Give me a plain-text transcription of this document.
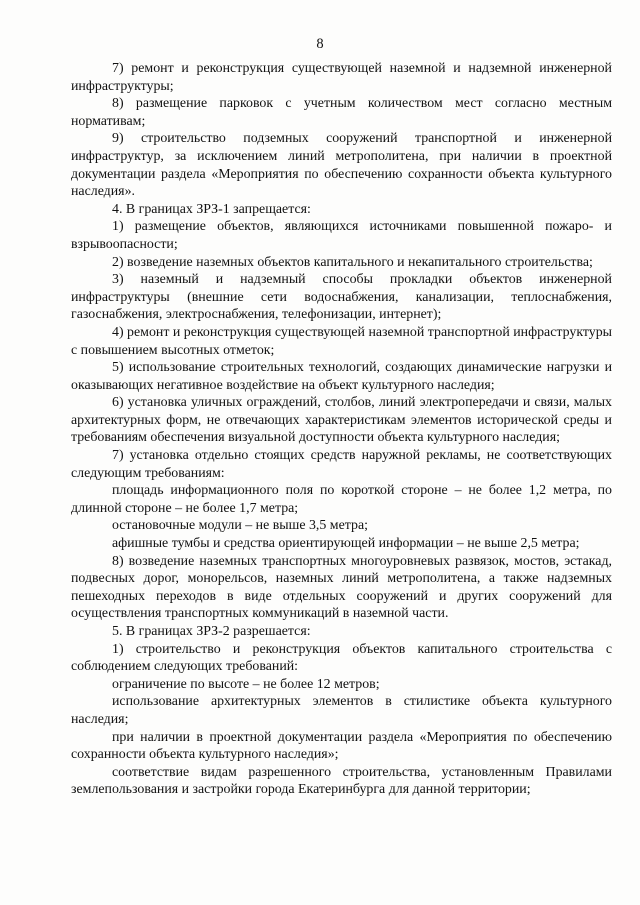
8

7) ремонт и реконструкция существующей наземной и надземной инженерной инфраструктуры;

8) размещение парковок с учетным количеством мест согласно местным нормативам;

9) строительство подземных сооружений транспортной и инженерной инфраструктур, за исключением линий метрополитена, при наличии в проектной документации раздела «Мероприятия по обеспечению сохранности объекта культурного наследия».

4. В границах ЗРЗ-1 запрещается:

1) размещение объектов, являющихся источниками повышенной пожаро- и взрывоопасности;

2) возведение наземных объектов капитального и некапитального строительства;

3) наземный и надземный способы прокладки объектов инженерной инфраструктуры (внешние сети водоснабжения, канализации, теплоснабжения, газоснабжения, электроснабжения, телефонизации, интернет);

4) ремонт и реконструкция существующей наземной транспортной инфраструктуры с повышением высотных отметок;

5) использование строительных технологий, создающих динамические нагрузки и оказывающих негативное воздействие на объект культурного наследия;

6) установка уличных ограждений, столбов, линий электропередачи и связи, малых архитектурных форм, не отвечающих характеристикам элементов исторической среды и требованиям обеспечения визуальной доступности объекта культурного наследия;

7) установка отдельно стоящих средств наружной рекламы, не соответствующих следующим требованиям:

площадь информационного поля по короткой стороне – не более 1,2 метра, по длинной стороне – не более 1,7 метра;

остановочные модули – не выше 3,5 метра;

афишные тумбы и средства ориентирующей информации – не выше 2,5 метра;

8) возведение наземных транспортных многоуровневых развязок, мостов, эстакад, подвесных дорог, монорельсов, наземных линий метрополитена, а также надземных пешеходных переходов в виде отдельных сооружений и других сооружений для осуществления транспортных коммуникаций в наземной части.

5. В границах ЗРЗ-2 разрешается:

1) строительство и реконструкция объектов капитального строительства с соблюдением следующих требований:

ограничение по высоте – не более 12 метров;

использование архитектурных элементов в стилистике объекта культурного наследия;

при наличии в проектной документации раздела «Мероприятия по обеспечению сохранности объекта культурного наследия»;

соответствие видам разрешенного строительства, установленным Правилами землепользования и застройки города Екатеринбурга для данной территории;
